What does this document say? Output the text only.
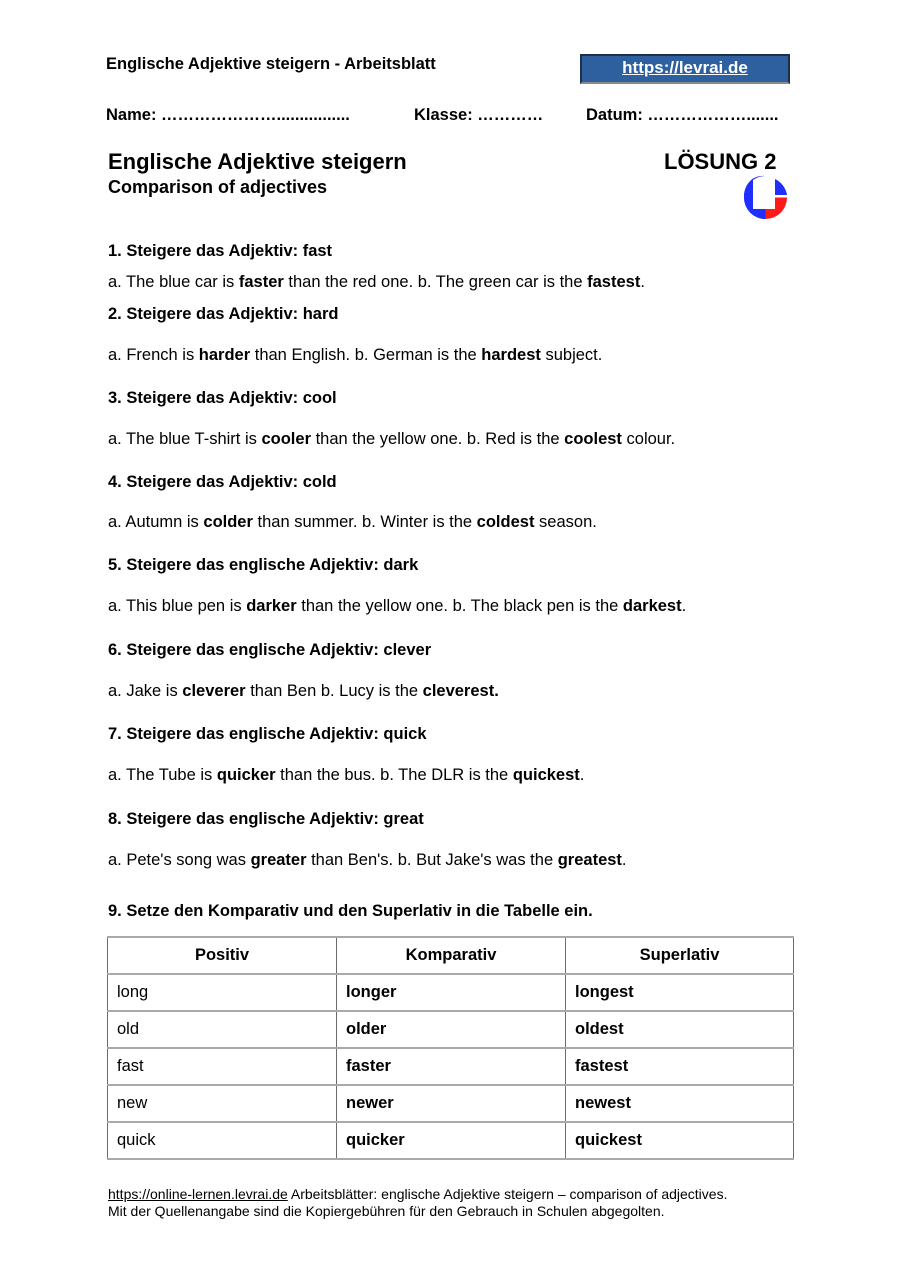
Englische Adjektive steigern - Arbeitsblatt	https://levrai.de
Name: …………………................	Klasse: …………	Datum: ……………….......
Englische Adjektive steigern
Comparison of adjectives
LÖSUNG 2
1. Steigere das Adjektiv: fast
a. The blue car is faster than the red one. b. The green car is the fastest.
2. Steigere das Adjektiv: hard
a. French is harder than English. b. German is the hardest subject.
3. Steigere das Adjektiv: cool
a. The blue T-shirt is cooler than the yellow one. b. Red is the coolest colour.
4. Steigere das Adjektiv: cold
a. Autumn is colder than summer. b. Winter is the coldest season.
5. Steigere das englische Adjektiv: dark
a. This blue pen is darker than the yellow one. b. The black pen is the darkest.
6. Steigere das englische Adjektiv: clever
a. Jake is cleverer than Ben b. Lucy is the cleverest.
7. Steigere das englische Adjektiv: quick
a. The Tube is quicker than the bus. b. The DLR is the quickest.
8. Steigere das englische Adjektiv: great
a. Pete's song was greater than Ben's. b. But Jake's was the greatest.
9. Setze den Komparativ und den Superlativ in die Tabelle ein.
Positiv	Komparativ	Superlativ
long	longer	longest
old	older	oldest
fast	faster	fastest
new	newer	newest
quick	quicker	quickest
https://online-lernen.levrai.de Arbeitsblätter: englische Adjektive steigern – comparison of adjectives.
Mit der Quellenangabe sind die Kopiergebühren für den Gebrauch in Schulen abgegolten.
